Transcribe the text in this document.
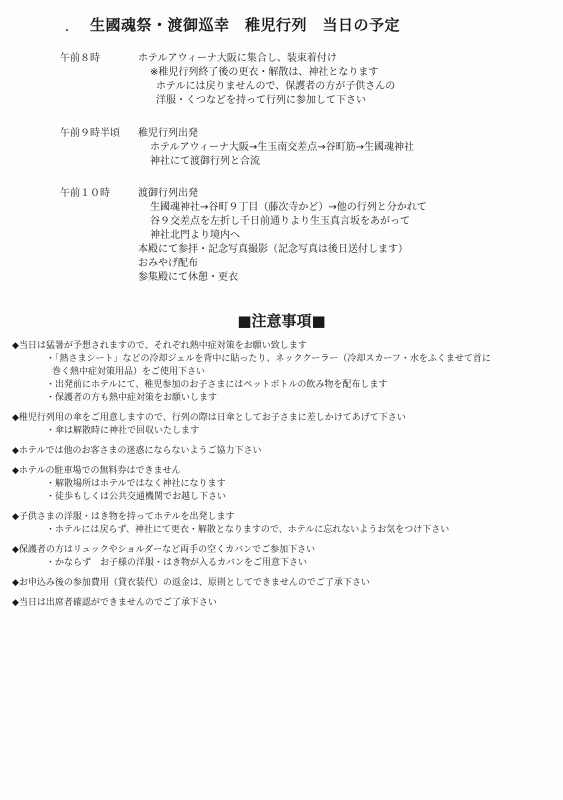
・ 生國魂祭・渡御巡幸　稚児行列　当日の予定
午前８時	ホテルアウィーナ大阪に集合し、装束着付け
※稚児行列終了後の更衣・解散は、神社となります
ホテルには戻りませんので、保護者の方が子供さんの
洋服・くつなどを持って行列に参加して下さい
午前９時半頃	稚児行列出発
ホテルアウィーナ大阪→生玉南交差点→谷町筋→生國魂神社
神社にて渡御行列と合流
午前１０時	渡御行列出発
生國魂神社→谷町９丁目（藤次寺かど）→他の行列と分かれて
谷９交差点を左折し千日前通りより生玉真言坂をあがって
神社北門より境内へ
本殿にて参拝・記念写真撮影（記念写真は後日送付します）
おみやげ配布
参集殿にて休憩・更衣
■注意事項■
◆当日は猛暑が予想されますので、それぞれ熱中症対策をお願い致します
・「熱さまシート」などの冷却ジェルを背中に貼ったり、ネッククーラー（冷却スカーフ・水をふくませて首に
巻く熱中症対策用品）をご使用下さい
・出発前にホテルにて、稚児参加のお子さまにはペットボトルの飲み物を配布します
・保護者の方も熱中症対策をお願いします
◆稚児行列用の傘をご用意しますので、行列の際は日傘としてお子さまに差しかけてあげて下さい
・傘は解散時に神社で回収いたします
◆ホテルでは他のお客さまの迷惑にならないようご協力下さい
◆ホテルの駐車場での無料券はできません
・解散場所はホテルではなく神社になります
・徒歩もしくは公共交通機関でお越し下さい
◆子供さまの洋服・はき物を持ってホテルを出発します
・ホテルには戻らず、神社にて更衣・解散となりますので、ホテルに忘れないようお気をつけ下さい
◆保護者の方はリュックやショルダーなど両手の空くカバンでご参加下さい
・かならず　お子様の洋服・はき物が入るカバンをご用意下さい
◆お申込み後の参加費用（貸衣装代）の返金は、原則としてできませんのでご了承下さい
◆当日は出席者確認ができませんのでご了承下さい
